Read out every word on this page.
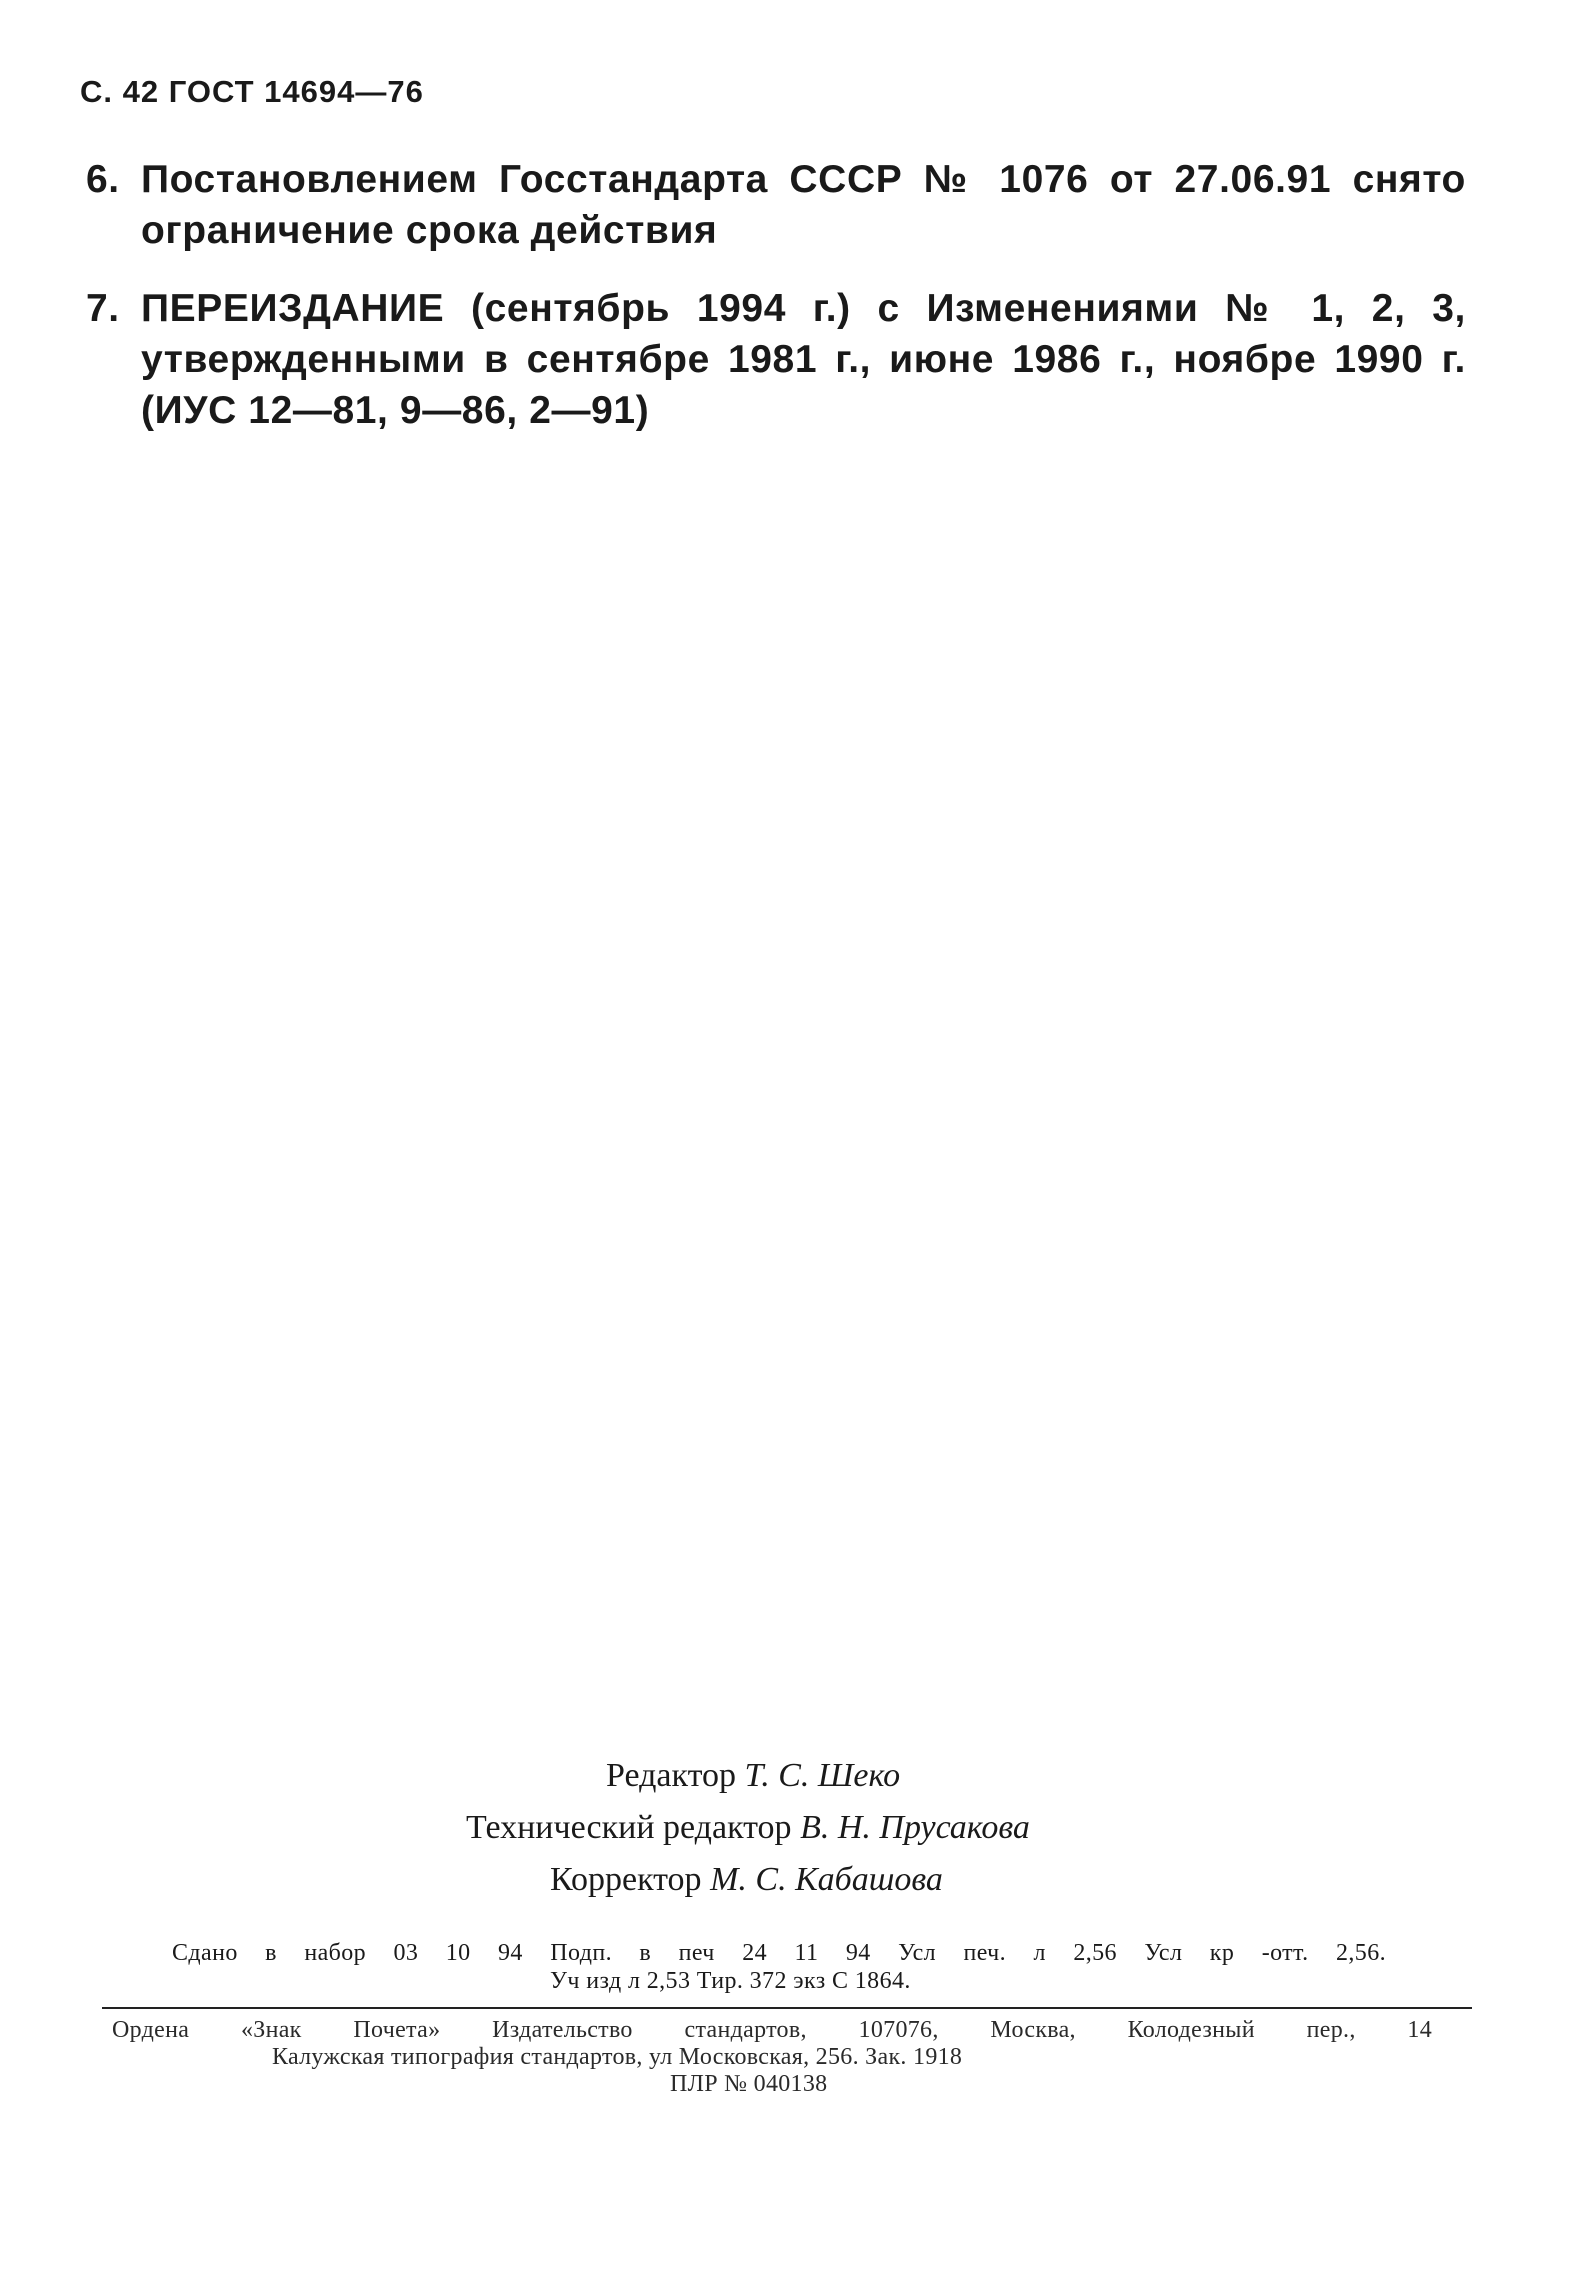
С. 42 ГОСТ 14694—76
6. Постановлением Госстандарта СССР № 1076 от 27.06.91 снято
ограничение срока действия
7. ПЕРЕИЗДАНИЕ (сентябрь 1994 г.) с Изменениями № 1, 2, 3,
утвержденными в сентябре 1981 г., июне 1986 г., ноябре 1990 г.
(ИУС 12—81, 9—86, 2—91)
Редактор Т. С. Шеко
Технический редактор В. Н. Прусакова
Корректор М. С. Кабашова
Сдано в набор 03 10 94 Подп. в печ 24 11 94 Усл печ. л 2,56 Усл кр -отт. 2,56.
Уч изд л 2,53 Тир. 372 экз С 1864.
Ордена «Знак Почета» Издательство стандартов, 107076, Москва, Колодезный пер., 14
Калужская типография стандартов, ул Московская, 256. Зак. 1918
ПЛР № 040138
